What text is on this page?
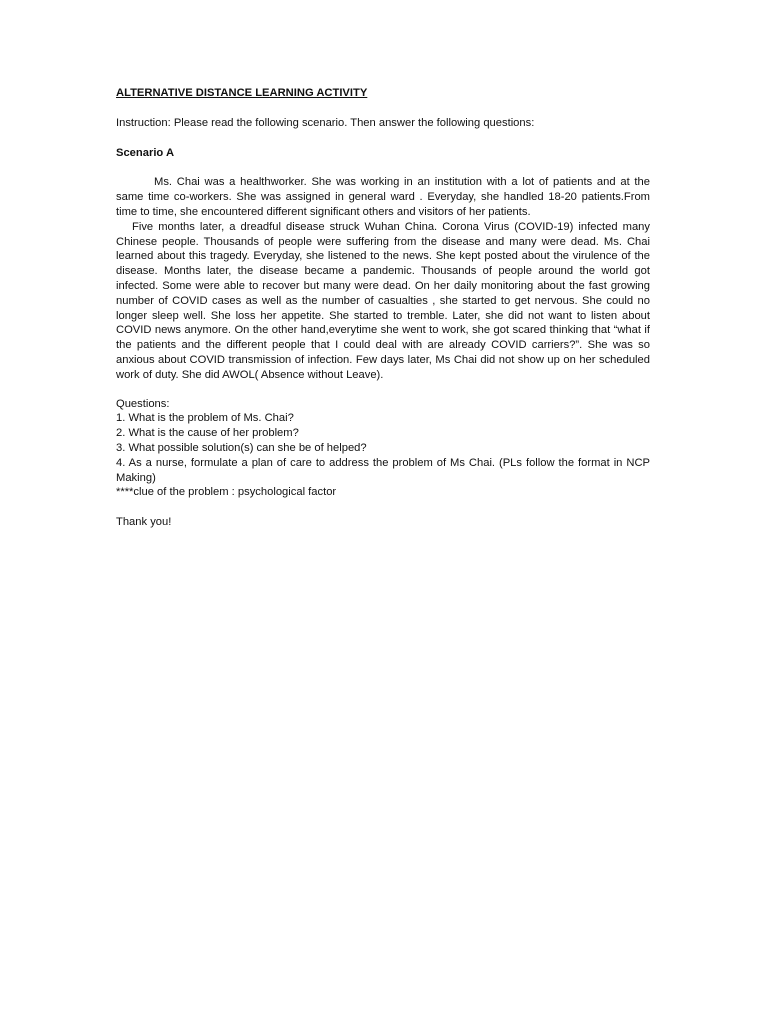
ALTERNATIVE DISTANCE LEARNING ACTIVITY
Instruction: Please read the following scenario. Then answer the following questions:
Scenario A

Ms. Chai was a healthworker. She was working in an institution with a lot of patients and at the same time co-workers. She was assigned in general ward . Everyday, she handled 18-20 patients.From time to time, she encountered different significant others and visitors of her patients.

Five months later, a dreadful disease struck Wuhan China. Corona Virus (COVID-19) infected many Chinese people. Thousands of people were suffering from the disease and many were dead. Ms. Chai learned about this tragedy. Everyday, she listened to the news. She kept posted about the virulence of the disease. Months later, the disease became a pandemic. Thousands of people around the world got infected. Some were able to recover but many were dead. On her daily monitoring about the fast growing number of COVID cases as well as the number of casualties , she started to get nervous. She could no longer sleep well. She loss her appetite. She started to tremble. Later, she did not want to listen about COVID news anymore. On the other hand,everytime she went to work, she got scared thinking that “what if the patients and the different people that I could deal with are already COVID carriers?”. She was so anxious about COVID transmission of infection. Few days later, Ms Chai did not show up on her scheduled work of duty. She did AWOL( Absence without Leave).

Questions:

1. What is the problem of Ms. Chai?

2. What is the cause of her problem?

3. What possible solution(s) can she be of helped?

4. As a nurse, formulate a plan of care to address the problem of Ms Chai. (PLs follow the format in NCP Making)

****clue of the problem : psychological factor

Thank you!
